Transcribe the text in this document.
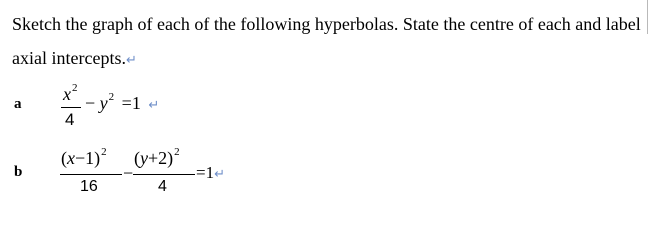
Sketch the graph of each of the following hyperbolas. State the centre of each and label
axial intercepts.↵
a $x^2$
4
− $y^2 =1$ ↵
b
$(x-1)^2$
16
−
$(y+2)^2$
4
=1↵
